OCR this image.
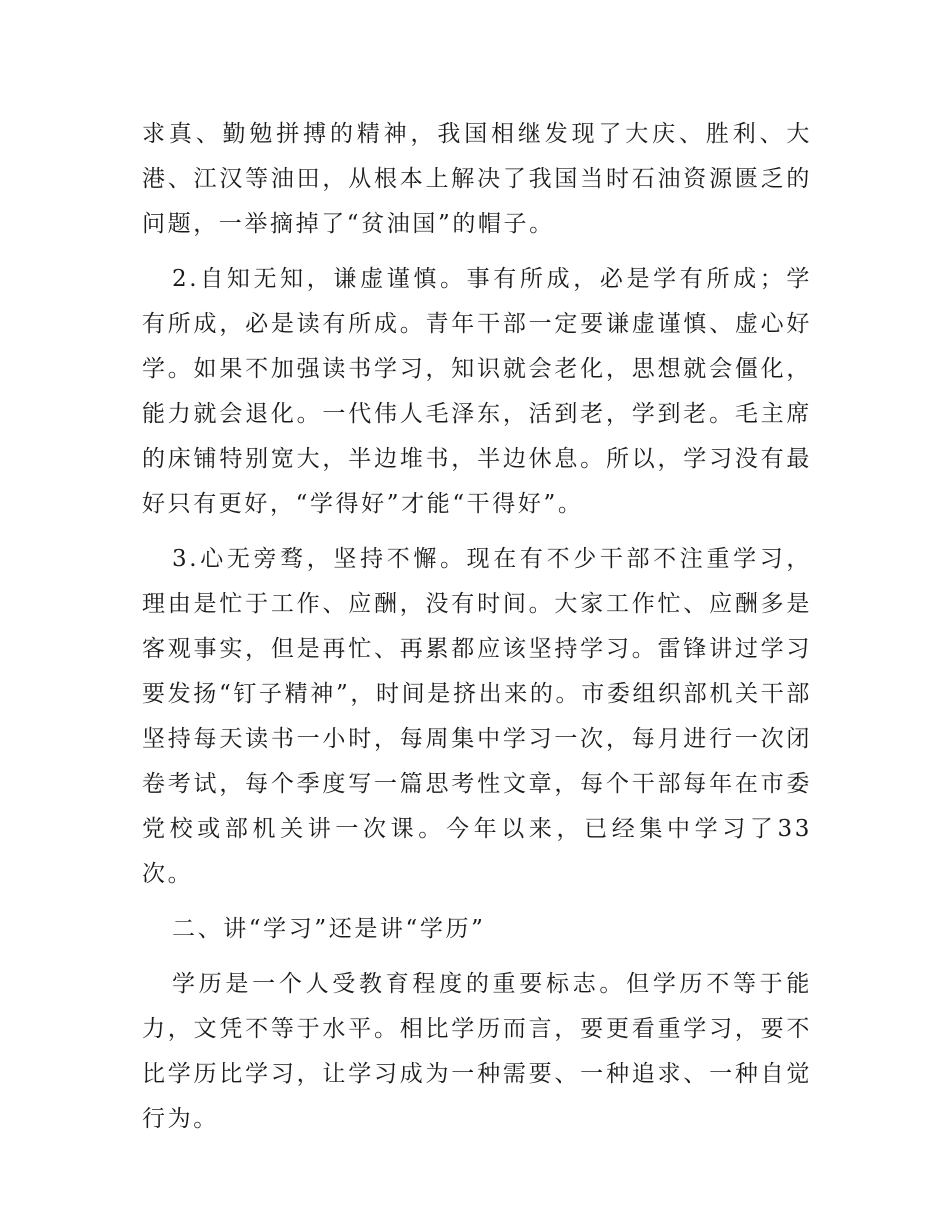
求真、勤勉拼搏的精神，我国相继发现了大庆、胜利、大港、江汉等油田，从根本上解决了我国当时石油资源匮乏的问题，一举摘掉了“贫油国”的帽子。

2.自知无知，谦虚谨慎。事有所成，必是学有所成；学有所成，必是读有所成。青年干部一定要谦虚谨慎、虚心好学。如果不加强读书学习，知识就会老化，思想就会僵化，能力就会退化。一代伟人毛泽东，活到老，学到老。毛主席的床铺特别宽大，半边堆书，半边休息。所以，学习没有最好只有更好，“学得好”才能“干得好”。

3.心无旁骛，坚持不懈。现在有不少干部不注重学习，理由是忙于工作、应酬，没有时间。大家工作忙、应酬多是客观事实，但是再忙、再累都应该坚持学习。雷锋讲过学习要发扬“钉子精神”，时间是挤出来的。市委组织部机关干部坚持每天读书一小时，每周集中学习一次，每月进行一次闭卷考试，每个季度写一篇思考性文章，每个干部每年在市委党校或部机关讲一次课。今年以来，已经集中学习了33次。

二、讲“学习”还是讲“学历”

学历是一个人受教育程度的重要标志。但学历不等于能力，文凭不等于水平。相比学历而言，要更看重学习，要不比学历比学习，让学习成为一种需要、一种追求、一种自觉行为。
